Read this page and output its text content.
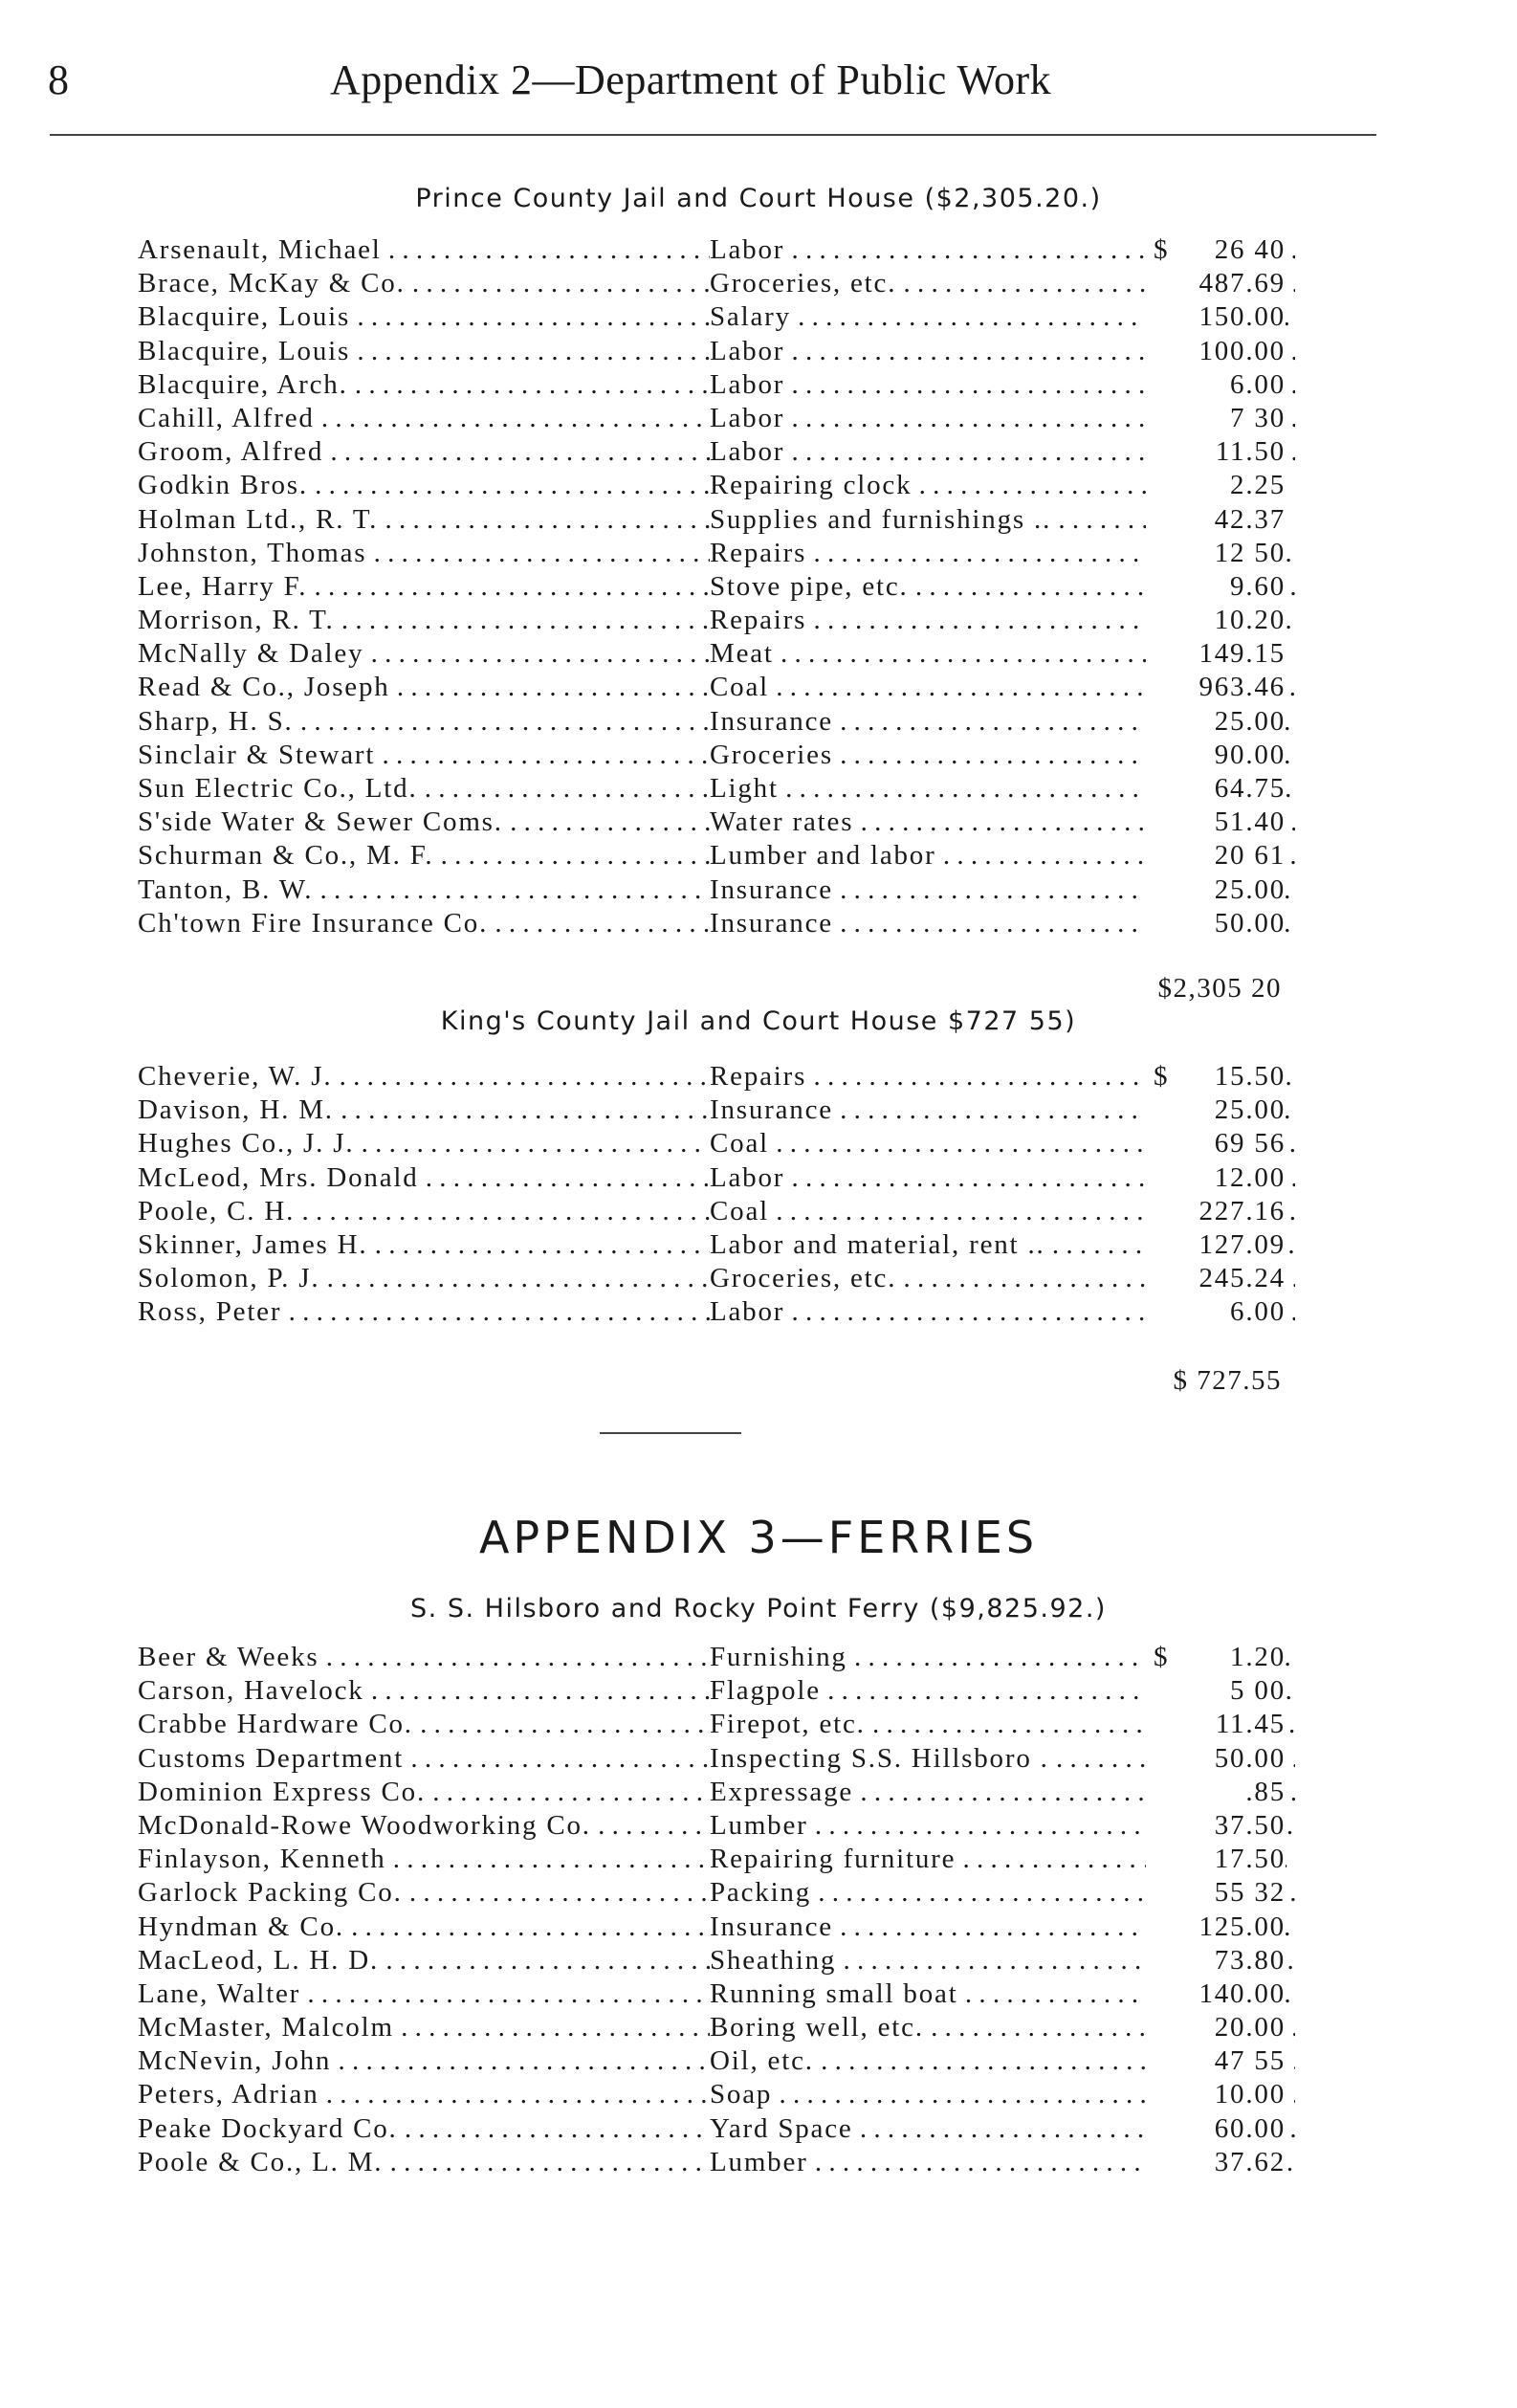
8	Appendix 2—Department of Public Work
Prince County Jail and Court House ($2,305.20.)
Arsenault, Michael . . .	Labor . . .	$	26 40
Brace, McKay & Co. . . .	Groceries, etc. . . .	487.69
Blacquire, Louis . . .	Salary . . .	150.00
Blacquire, Louis . . .	Labor . . .	100.00
Blacquire, Arch. . . .	Labor . . .	6.00
Cahill, Alfred . . .	Labor . . .	7 30
Groom, Alfred . . .	Labor . . .	11.50
Godkin Bros. . . .	Repairing clock . . .	2.25
Holman Ltd., R. T. . . .	Supplies and furnishings .. . . .	42.37
Johnston, Thomas . . .	Repairs . . .	12 50
Lee, Harry F. . . .	Stove pipe, etc. . . .	9.60
Morrison, R. T. . . .	Repairs . . .	10.20
McNally & Daley . . .	Meat . . .	149.15
Read & Co., Joseph . . .	Coal . . .	963.46
Sharp, H. S. . . .	Insurance . . .	25.00
Sinclair & Stewart . . .	Groceries . . .	90.00
Sun Electric Co., Ltd. . . .	Light . . .	64.75
S'side Water & Sewer Coms. . . .	Water rates . . .	51.40
Schurman & Co., M. F. . . .	Lumber and labor . . .	20 61
Tanton, B. W. . . .	Insurance . . .	25.00
Ch'town Fire Insurance Co. . . .	Insurance . . .	50.00
$2,305 20
King's County Jail and Court House $727 55)
Cheverie, W. J. . . .	Repairs . . .	$	15.50
Davison, H. M. . . .	Insurance . . .	25.00
Hughes Co., J. J. . . .	Coal . . .	69 56
McLeod, Mrs. Donald . . .	Labor . . .	12.00
Poole, C. H. . . .	Coal . . .	227.16
Skinner, James H. . . .	Labor and material, rent .. . . .	127.09
Solomon, P. J. . . .	Groceries, etc. . . .	245.24
Ross, Peter . . .	Labor . . .	6.00
$ 727.55
APPENDIX 3—FERRIES
S. S. Hilsboro and Rocky Point Ferry ($9,825.92.)
Beer & Weeks . . .	Furnishing . . .	$	1.20
Carson, Havelock . . .	Flagpole . . .	5 00
Crabbe Hardware Co. . . .	Firepot, etc. . . .	11.45
Customs Department . . .	Inspecting S.S. Hillsboro . . . .	50.00
Dominion Express Co. . . .	Expressage . . .	.85
McDonald-Rowe Woodworking Co. . . .	Lumber . . .	37.50
Finlayson, Kenneth . . .	Repairing furniture . . .	17.50
Garlock Packing Co. . . .	Packing . . .	55 32
Hyndman & Co. . . .	Insurance . . .	125.00
MacLeod, L. H. D. . . .	Sheathing . . .	73.80
Lane, Walter . . .	Running small boat . . .	140.00
McMaster, Malcolm . . .	Boring well, etc. . . .	20.00
McNevin, John . . .	Oil, etc. . . .	47 55
Peters, Adrian . . .	Soap . . .	10.00
Peake Dockyard Co. . . .	Yard Space . . .	60.00
Poole & Co., L. M. . . .	Lumber . . .	37.62
